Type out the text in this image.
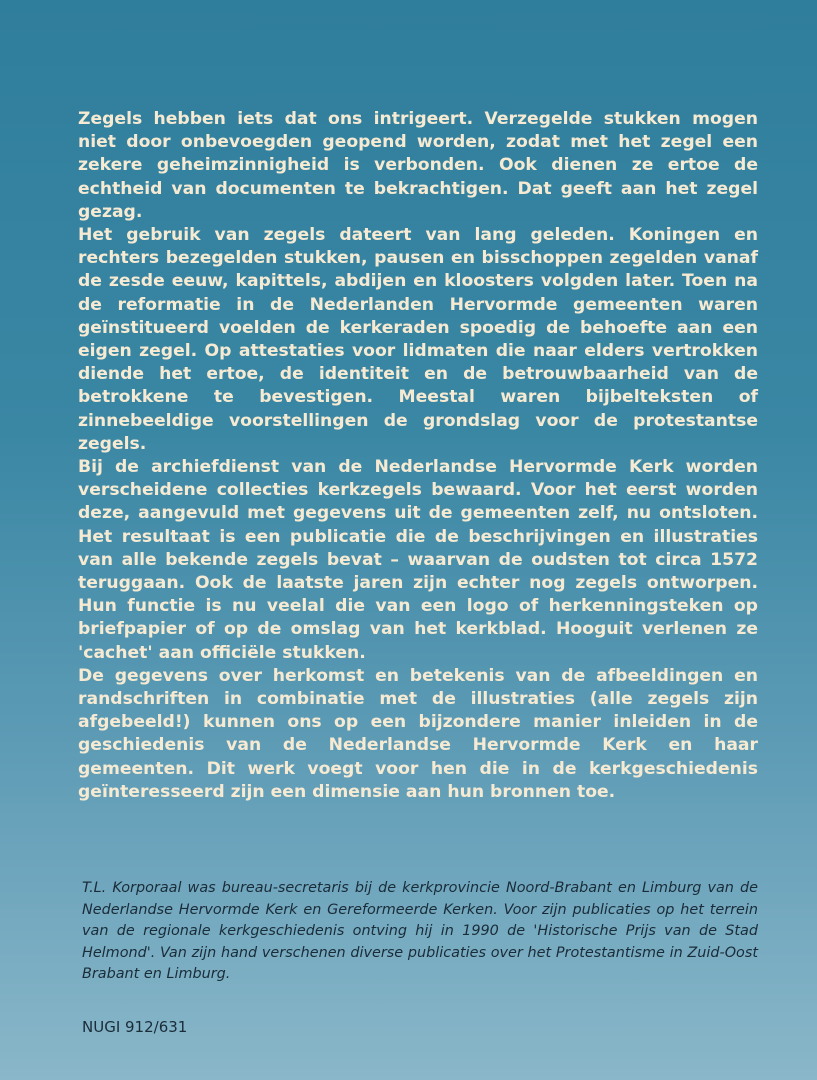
Zegels hebben iets dat ons intrigeert. Verzegelde stukken mogen niet door onbevoegden geopend worden, zodat met het zegel een zekere geheimzinnigheid is verbonden. Ook dienen ze ertoe de echtheid van documenten te bekrachtigen. Dat geeft aan het zegel gezag.

Het gebruik van zegels dateert van lang geleden. Koningen en rechters bezegelden stukken, pausen en bisschoppen zegelden vanaf de zesde eeuw, kapittels, abdijen en kloosters volgden later. Toen na de reformatie in de Nederlanden Hervormde gemeenten waren geïnstitueerd voelden de kerkeraden spoedig de behoefte aan een eigen zegel. Op attestaties voor lidmaten die naar elders vertrokken diende het ertoe, de identiteit en de betrouwbaarheid van de betrokkene te bevestigen. Meestal waren bijbelteksten of zinnebeeldige voorstellingen de grondslag voor de protestantse zegels.

Bij de archiefdienst van de Nederlandse Hervormde Kerk worden verscheidene collecties kerkzegels bewaard. Voor het eerst worden deze, aangevuld met gegevens uit de gemeenten zelf, nu ontsloten. Het resultaat is een publicatie die de beschrijvingen en illustraties van alle bekende zegels bevat – waarvan de oudsten tot circa 1572 teruggaan. Ook de laatste jaren zijn echter nog zegels ontworpen. Hun functie is nu veelal die van een logo of herkenningsteken op briefpapier of op de omslag van het kerkblad. Hooguit verlenen ze 'cachet' aan officiële stukken.

De gegevens over herkomst en betekenis van de afbeeldingen en randschriften in combinatie met de illustraties (alle zegels zijn afgebeeld!) kunnen ons op een bijzondere manier inleiden in de geschiedenis van de Nederlandse Hervormde Kerk en haar gemeenten. Dit werk voegt voor hen die in de kerkgeschiedenis geïnteresseerd zijn een dimensie aan hun bronnen toe.

T.L. Korporaal was bureau-secretaris bij de kerkprovincie Noord-Brabant en Limburg van de Nederlandse Hervormde Kerk en Gereformeerde Kerken. Voor zijn publicaties op het terrein van de regionale kerkgeschiedenis ontving hij in 1990 de 'Historische Prijs van de Stad Helmond'. Van zijn hand verschenen diverse publicaties over het Protestantisme in Zuid-Oost Brabant en Limburg.

NUGI 912/631
